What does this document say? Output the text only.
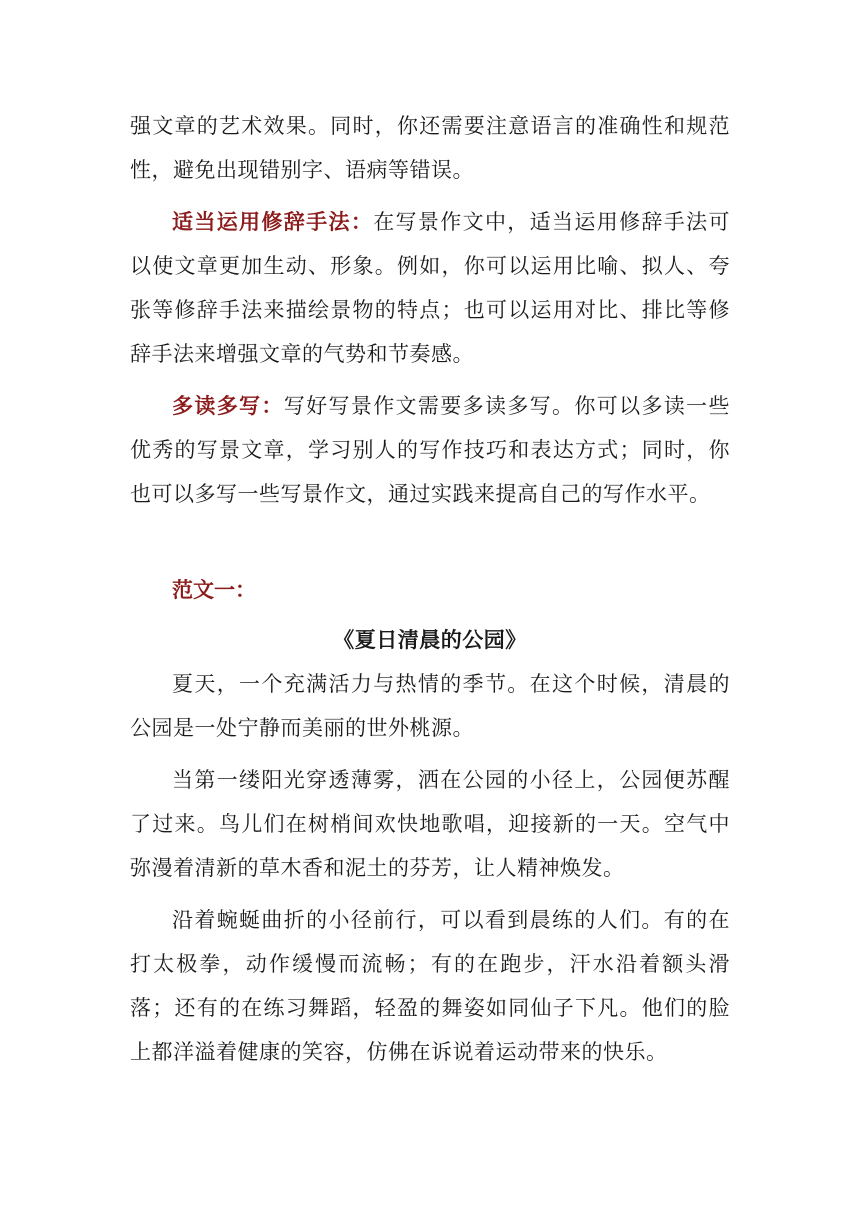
强文章的艺术效果。同时，你还需要注意语言的准确性和规范性，避免出现错别字、语病等错误。

适当运用修辞手法：在写景作文中，适当运用修辞手法可以使文章更加生动、形象。例如，你可以运用比喻、拟人、夸张等修辞手法来描绘景物的特点；也可以运用对比、排比等修辞手法来增强文章的气势和节奏感。

多读多写：写好写景作文需要多读多写。你可以多读一些优秀的写景文章，学习别人的写作技巧和表达方式；同时，你也可以多写一些写景作文，通过实践来提高自己的写作水平。

范文一：

《夏日清晨的公园》

夏天，一个充满活力与热情的季节。在这个时候，清晨的公园是一处宁静而美丽的世外桃源。

当第一缕阳光穿透薄雾，洒在公园的小径上，公园便苏醒了过来。鸟儿们在树梢间欢快地歌唱，迎接新的一天。空气中弥漫着清新的草木香和泥土的芬芳，让人精神焕发。

沿着蜿蜒曲折的小径前行，可以看到晨练的人们。有的在打太极拳，动作缓慢而流畅；有的在跑步，汗水沿着额头滑落；还有的在练习舞蹈，轻盈的舞姿如同仙子下凡。他们的脸上都洋溢着健康的笑容，仿佛在诉说着运动带来的快乐。
